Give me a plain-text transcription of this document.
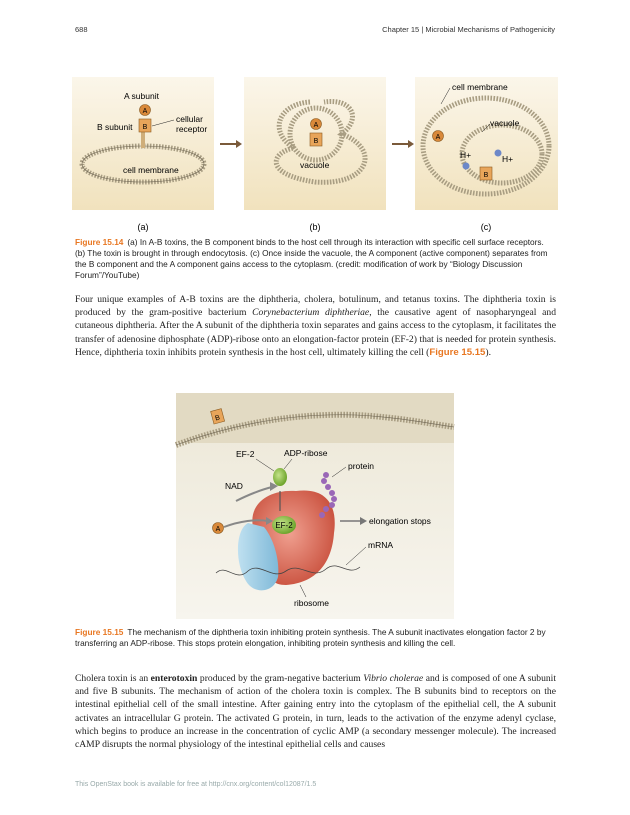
688	Chapter 15 | Microbial Mechanisms of Pathogenicity
A
B
A subunit
B subunit
cellular
receptor
cell membrane
A
B
vacuole
A
B
H+	H+
cell membrane
vacuole
(a)	(b)	(c)
Figure 15.14 (a) In A-B toxins, the B component binds to the host cell through its interaction with specific cell surface receptors. (b) The toxin is brought in through endocytosis. (c) Once inside the vacuole, the A component (active component) separates from the B component and the A component gains access to the cytoplasm. (credit: modification of work by “Biology Discussion Forum”/YouTube)
Four unique examples of A-B toxins are the diphtheria, cholera, botulinum, and tetanus toxins. The diphtheria toxin is produced by the gram-positive bacterium Corynebacterium diphtheriae, the causative agent of nasopharyngeal and cutaneous diphtheria. After the A subunit of the diphtheria toxin separates and gains access to the cytoplasm, it facilitates the transfer of adenosine diphosphate (ADP)-ribose onto an elongation-factor protein (EF-2) that is needed for protein synthesis. Hence, diphtheria toxin inhibits protein synthesis in the host cell, ultimately killing the cell (Figure 15.15).
B
EF-2
A
EF-2	ADP-ribose
protein
NAD
elongation stops
mRNA
ribosome
Figure 15.15 The mechanism of the diphtheria toxin inhibiting protein synthesis. The A subunit inactivates elongation factor 2 by transferring an ADP-ribose. This stops protein elongation, inhibiting protein synthesis and killing the cell.
Cholera toxin is an enterotoxin produced by the gram-negative bacterium Vibrio cholerae and is composed of one A subunit and five B subunits. The mechanism of action of the cholera toxin is complex. The B subunits bind to receptors on the intestinal epithelial cell of the small intestine. After gaining entry into the cytoplasm of the epithelial cell, the A subunit activates an intracellular G protein. The activated G protein, in turn, leads to the activation of the enzyme adenyl cyclase, which begins to produce an increase in the concentration of cyclic AMP (a secondary messenger molecule). The increased cAMP disrupts the normal physiology of the intestinal epithelial cells and causes
This OpenStax book is available for free at http://cnx.org/content/col12087/1.5
